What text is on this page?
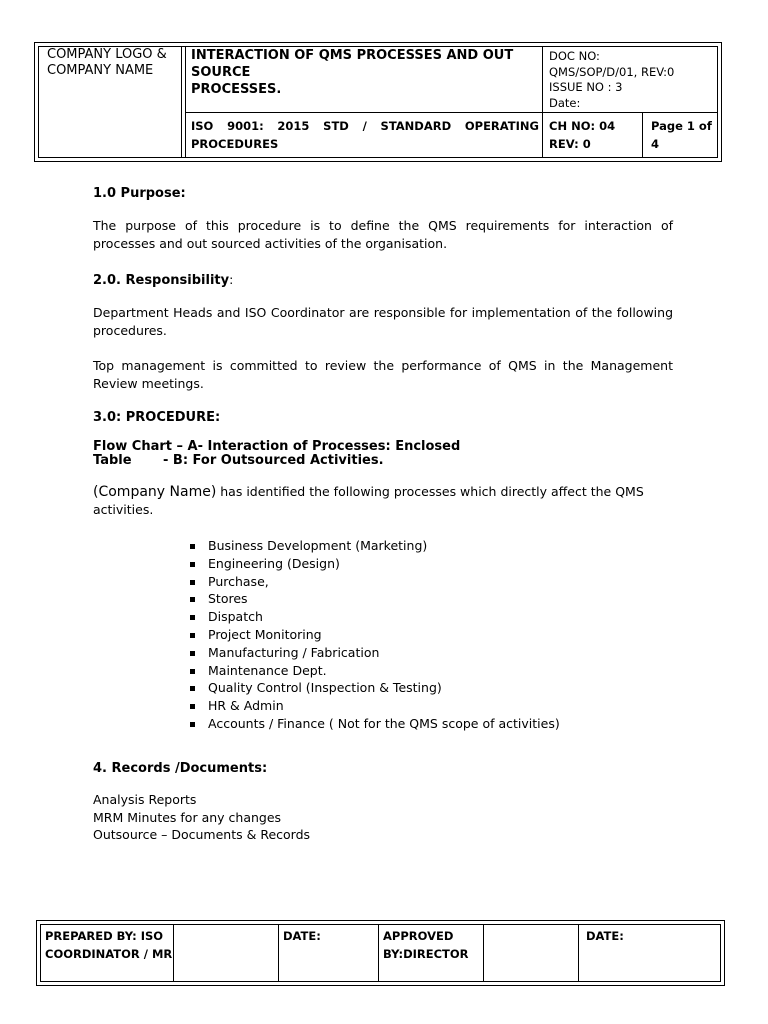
COMPANY LOGO &
COMPANY NAME
INTERACTION OF QMS PROCESSES AND OUT SOURCE
PROCESSES.
DOC NO:
QMS/SOP/D/01, REV:0
ISSUE NO : 3
Date:
ISO 9001: 2015 STD / STANDARD OPERATING
PROCEDURES
CH NO: 04
REV: 0
Page 1 of 4
1.0 Purpose:
The purpose of this procedure is to define the QMS requirements for interaction of processes and out sourced activities of the organisation.
2.0. Responsibility:
Department Heads and ISO Coordinator are responsible for implementation of the following procedures.
Top management is committed to review the performance of QMS in the Management Review meetings.
3.0: PROCEDURE:
Flow Chart
– A- Interaction of Processes: Enclosed
Table	- B: For Outsourced Activities.
(Company Name) has identified the following processes which directly affect the QMS activities.
Business Development (Marketing)
Engineering (Design)
Purchase,
Stores
Dispatch
Project Monitoring
Manufacturing / Fabrication
Maintenance Dept.
Quality Control (Inspection & Testing)
HR & Admin
Accounts / Finance ( Not for the QMS scope of activities)
4. Records /Documents:
Analysis Reports
MRM Minutes for any changes
Outsource – Documents & Records
PREPARED BY: ISO
COORDINATOR / MR
DATE:	APPROVED
BY:DIRECTOR
DATE:
